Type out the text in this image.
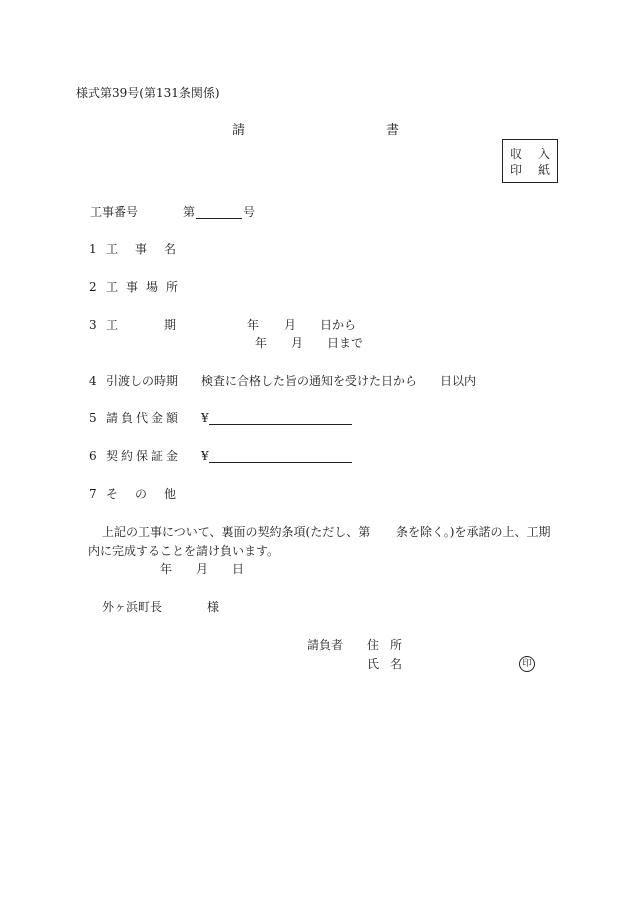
様式第39号(第131条関係)
請	書
収 入
印 紙
工事番号	第	号
1 工 事 名
2 工 事 場 所
3 工	期	年 月 日から
年 月 日まで
4 引渡しの時期 検査に合格した旨の通知を受けた日から 日以内
5 請負代金額 ¥
6 契約保証金 ¥
7 そ の 他
上記の工事について、裏面の契約条項(ただし、第 条を除く。)を承諾の上、工期
内に完成することを請け負います。
年 月 日
外ヶ浜町長	様
請負者 住 所
氏 名	印
